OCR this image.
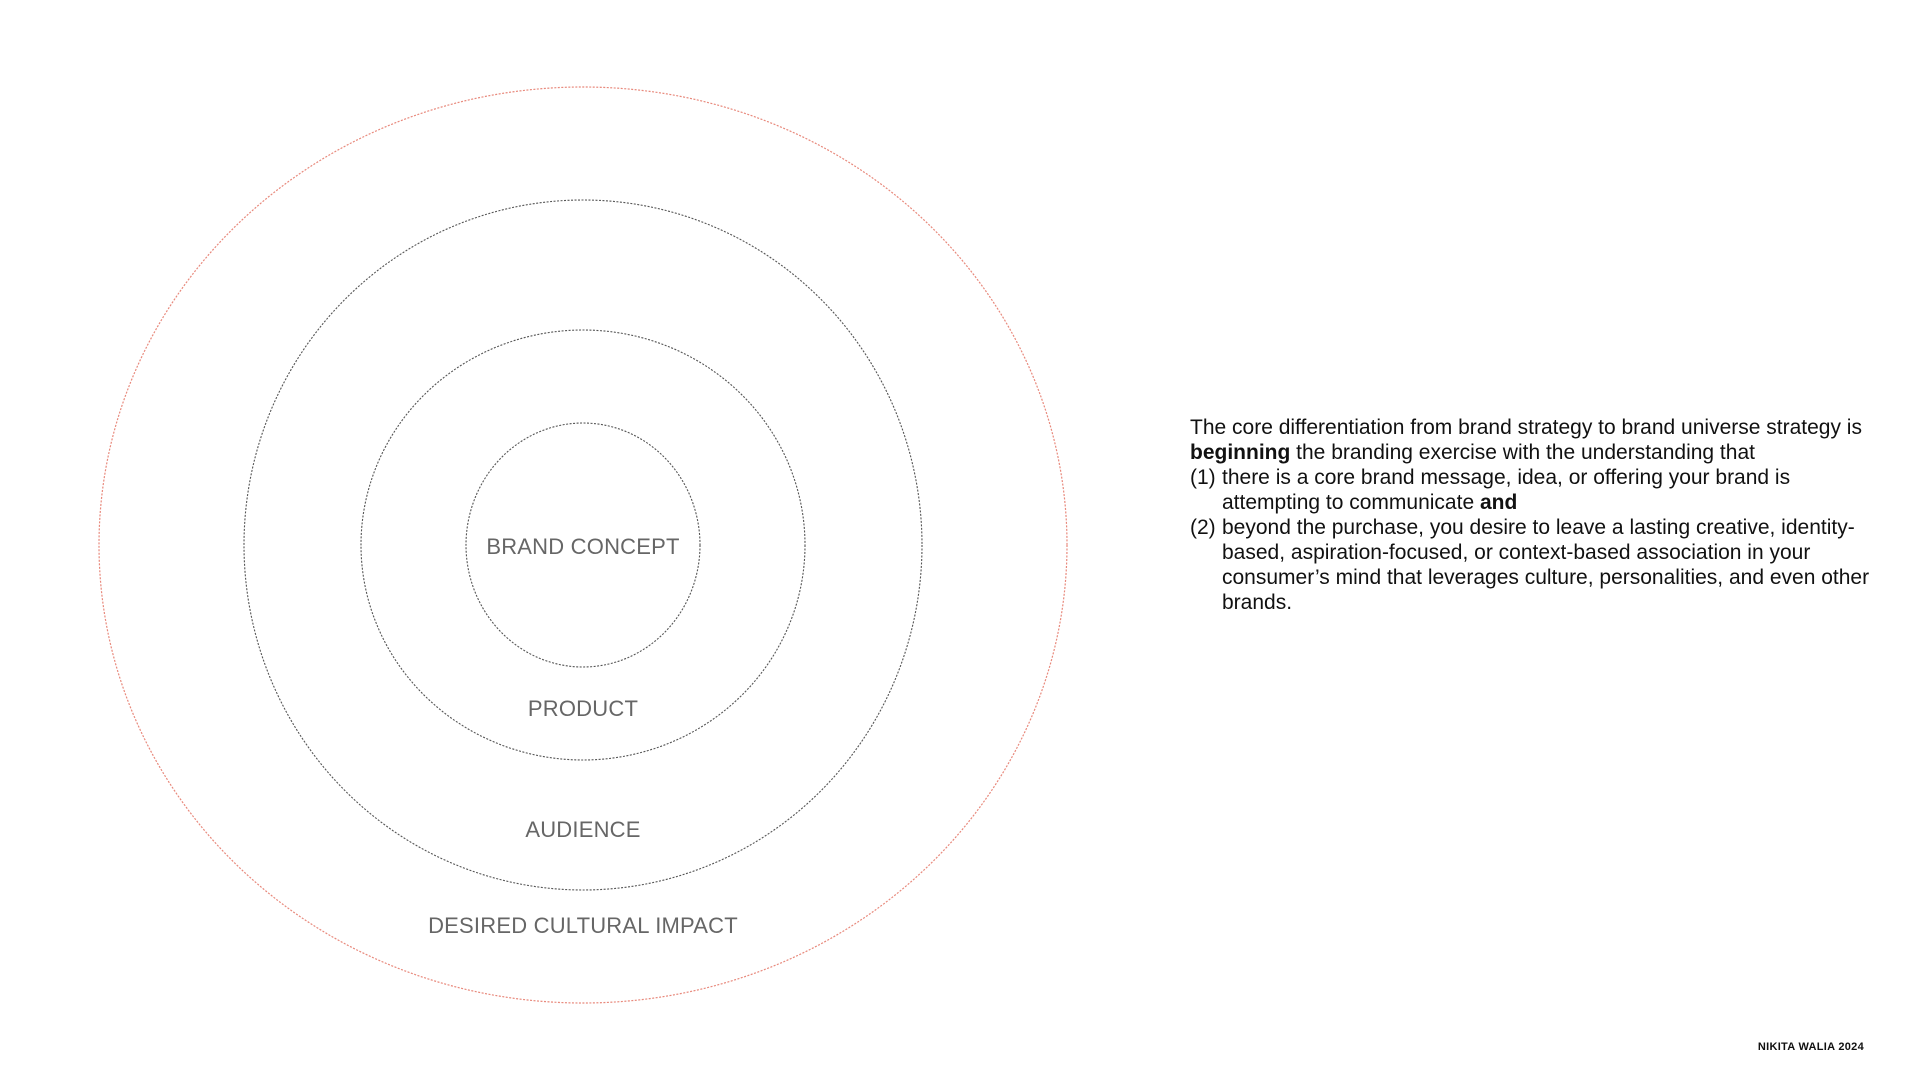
BRAND CONCEPT
PRODUCT
AUDIENCE
DESIRED CULTURAL IMPACT

The core differentiation from brand strategy to brand universe strategy is beginning the branding exercise with the understanding that

(1) there is a core brand message, idea, or offering your brand is attempting to communicate and
(2) beyond the purchase, you desire to leave a lasting creative, identity-based, aspiration-focused, or context-based association in your consumer’s mind that leverages culture, personalities, and even other brands.
NIKITA WALIA 2024
